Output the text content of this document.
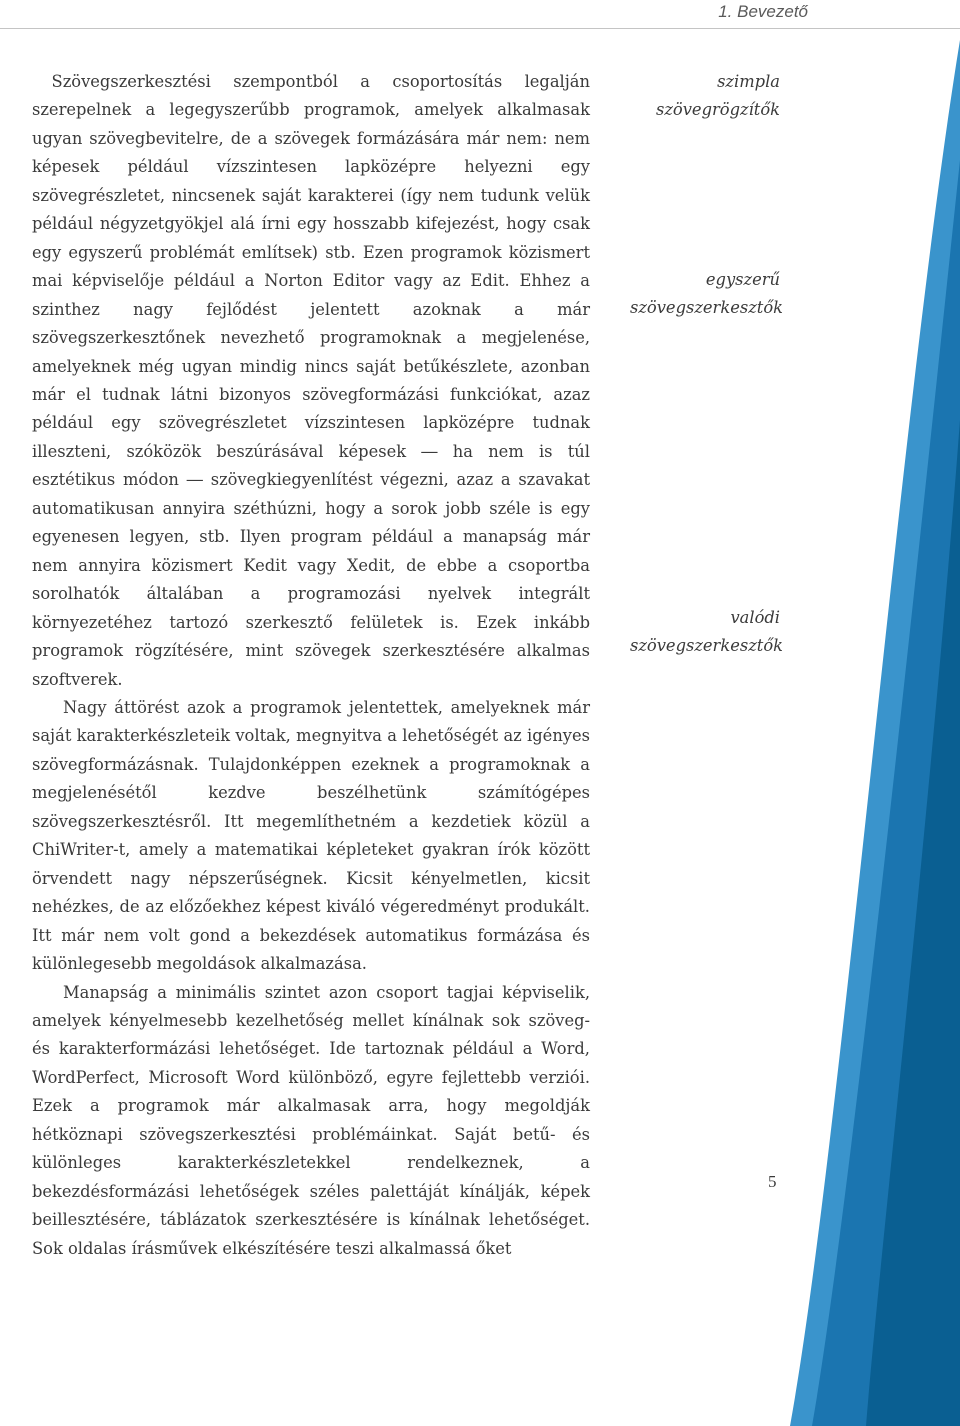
1. Bevezető

Szövegszerkesztési szempontból a csoportosítás legalján szerepelnek a legegyszerűbb programok, amelyek alkalmasak ugyan szövegbevitelre, de a szövegek formázására már nem: nem képesek például vízszintesen lapközépre helyezni egy szövegrészletet, nincsenek saját karakterei (így nem tudunk velük például négyzetgyökjel alá írni egy hosszabb kifejezést, hogy csak egy egyszerű problémát említsek) stb. Ezen programok közismert mai képviselője például a Norton Editor vagy az Edit. Ehhez a szinthez nagy fejlődést jelentett azoknak a már szövegszerkesztőnek nevezhető programoknak a megjelenése, amelyeknek még ugyan mindig nincs saját betűkészlete, azonban már el tudnak látni bizonyos szövegformázási funkciókat, azaz például egy szövegrészletet vízszintesen lapközépre tudnak illeszteni, szóközök beszúrásával képesek ― ha nem is túl esztétikus módon ― szövegkiegyenlítést végezni, azaz a szavakat automatikusan annyira széthúzni, hogy a sorok jobb széle is egy egyenesen legyen, stb. Ilyen program például a manapság már nem annyira közismert Kedit vagy Xedit, de ebbe a csoportba sorolhatók általában a programozási nyelvek integrált környezetéhez tartozó szerkesztő felületek is. Ezek inkább programok rögzítésére, mint szövegek szerkesztésére alkalmas szoftverek.

Nagy áttörést azok a programok jelentettek, amelyeknek már saját karakterkészleteik voltak, megnyitva a lehetőségét az igényes szövegformázásnak. Tulajdonképpen ezeknek a programoknak a megjelenésétől kezdve beszélhetünk számítógépes szövegszerkesztésről. Itt megemlíthetném a kezdetiek közül a ChiWriter-t, amely a matematikai képleteket gyakran írók között örvendett nagy népszerűségnek. Kicsit kényelmetlen, kicsit nehézkes, de az előzőekhez képest kiváló végeredményt produkált. Itt már nem volt gond a bekezdések automatikus formázása és különlegesebb megoldások alkalmazása.

Manapság a minimális szintet azon csoport tagjai képviselik, amelyek kényelmesebb kezelhetőség mellet kínálnak sok szöveg- és karakterformázási lehetőséget. Ide tartoznak például a Word, WordPerfect, Microsoft Word különböző, egyre fejlettebb verziói. Ezek a programok már alkalmasak arra, hogy megoldják hétköznapi szövegszerkesztési problémáinkat. Saját betű- és különleges karakterkészletekkel rendelkeznek, a bekezdésformázási lehetőségek széles palettáját kínálják, képek beillesztésére, táblázatok szerkesztésére is kínálnak lehetőséget. Sok oldalas írásművek elkészítésére teszi alkalmassá őket

szimpla szövegrögzítők
egyszerű szövegszerkesztők
valódi szövegszerkesztők
5
